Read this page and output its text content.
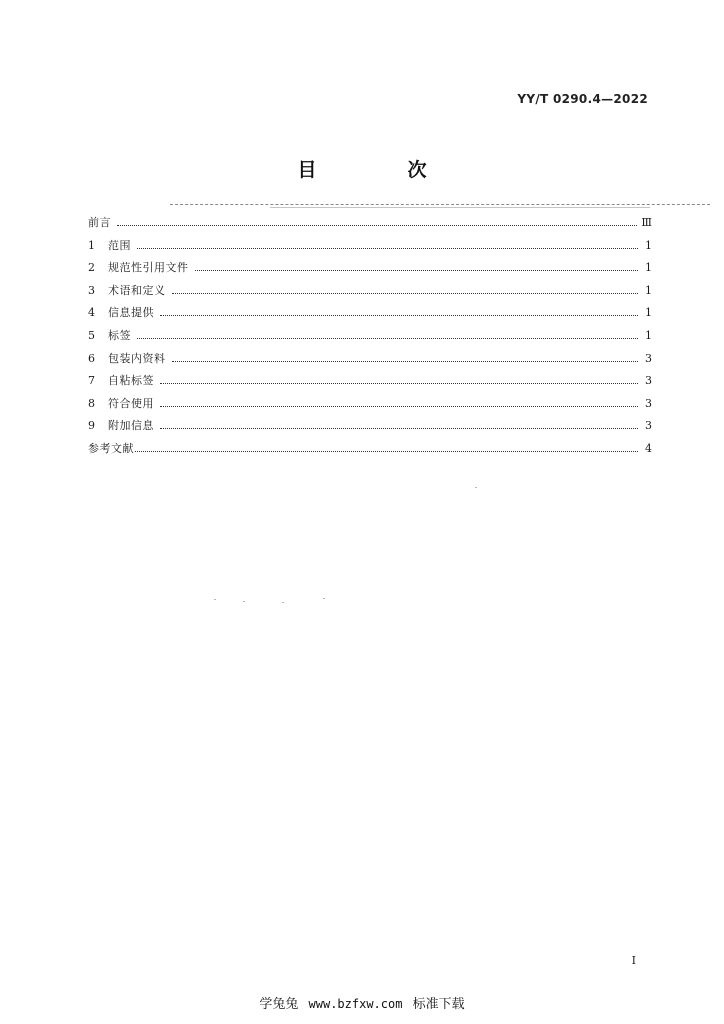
YY/T 0290.4—2022
目　次
前言	Ⅲ
1	范围	1
2	规范性引用文件	1
3	术语和定义	1
4	信息提供	1
5	标签	1
6	包装内资料	3
7	自粘标签	3
8	符合使用	3
9	附加信息	3
参考文献	4
I
学兔兔 www.bzfxw.com 标准下载
